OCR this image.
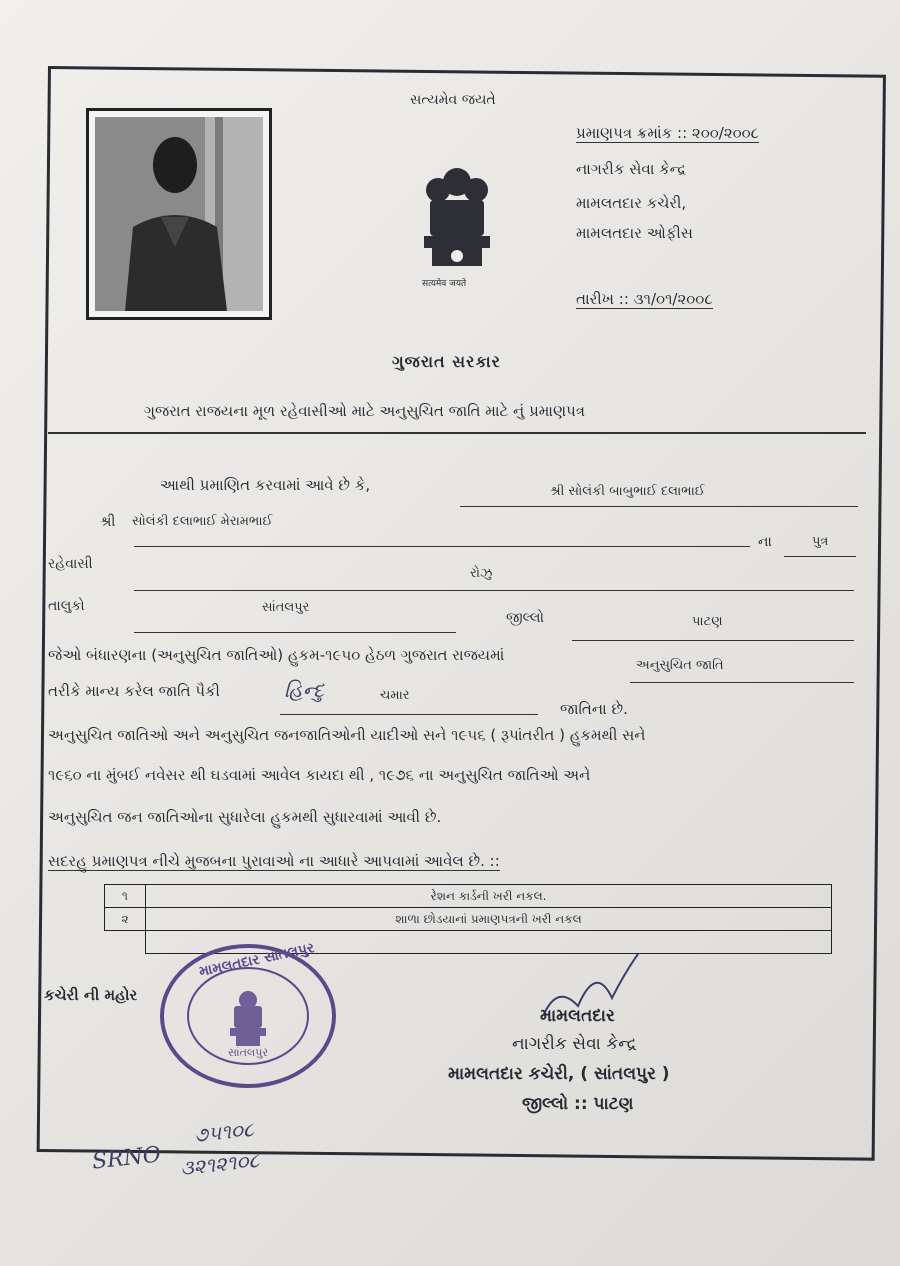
સત્યમેવ જયતે
सत्यमेव जयते
પ્રમાણપત્ર ક્રમાંક :: ૨૦૦/૨૦૦૮
નાગરીક સેવા કેન્દ્ર
મામલતદાર કચેરી,
મામલતદાર ઓફીસ
તારીખ :: ૩૧/૦૧/૨૦૦૮
ગુજરાત સરકાર
ગુજરાત રાજયના મૂળ રહેવાસીઓ માટે અનુસુચિત જાતિ માટે નું પ્રમાણપત્ર
આથી પ્રમાણિત કરવામાં આવે છે કે,	શ્રી સોલંકી બાબુભાઈ દલાભાઈ
શ્રી સોલંકી દલાભાઈ મેરામભાઈ
ના	પુત્ર
રહેવાસી
રોઝુ
તાલુકો	સાંતલપુર
જીલ્લો	પાટણ
જેઓ બંધારણના (અનુસુચિત જાતિઓ) હુકમ-૧૯૫૦ હેઠળ ગુજરાત રાજયમાં
અનુસુચિત જાતિ
તરીકે માન્ય કરેલ જાતિ પૈકી	હિન્દુ	ચમાર
જાતિના છે.
અનુસુચિત જાતિઓ અને અનુસુચિત જનજાતિઓની યાદીઓ સને ૧૯૫૬ ( રૂપાંતરીત ) હુકમથી સને
૧૯૬૦ ના મુંબઈ નવેસર થી ઘડવામાં આવેલ કાયદા થી , ૧૯૭૬ ના અનુસુચિત જાતિઓ અને
અનુસુચિત જન જાતિઓના સુધારેલા હુકમથી સુધારવામાં આવી છે.
સદરહુ પ્રમાણપત્ર નીચે મુજબના પુરાવાઓ ના આધારે આપવામાં આવેલ છે. ::
૧	રેશન કાર્ડની ખરી નકલ.
૨	શાળા છોડયાનાં પ્રમાણપત્રની ખરી નકલ

કચેરી ની મહોર
મામલતદાર સાંતલપુર
સાંતલપુર
મામલતદાર
નાગરીક સેવા કેન્દ્ર
મામલતદાર કચેરી, ( સાંતલપુર )
જીલ્લો :: પાટણ
SRNO
૭૫૧૦૮
૩૨૧૨૧૦૮
